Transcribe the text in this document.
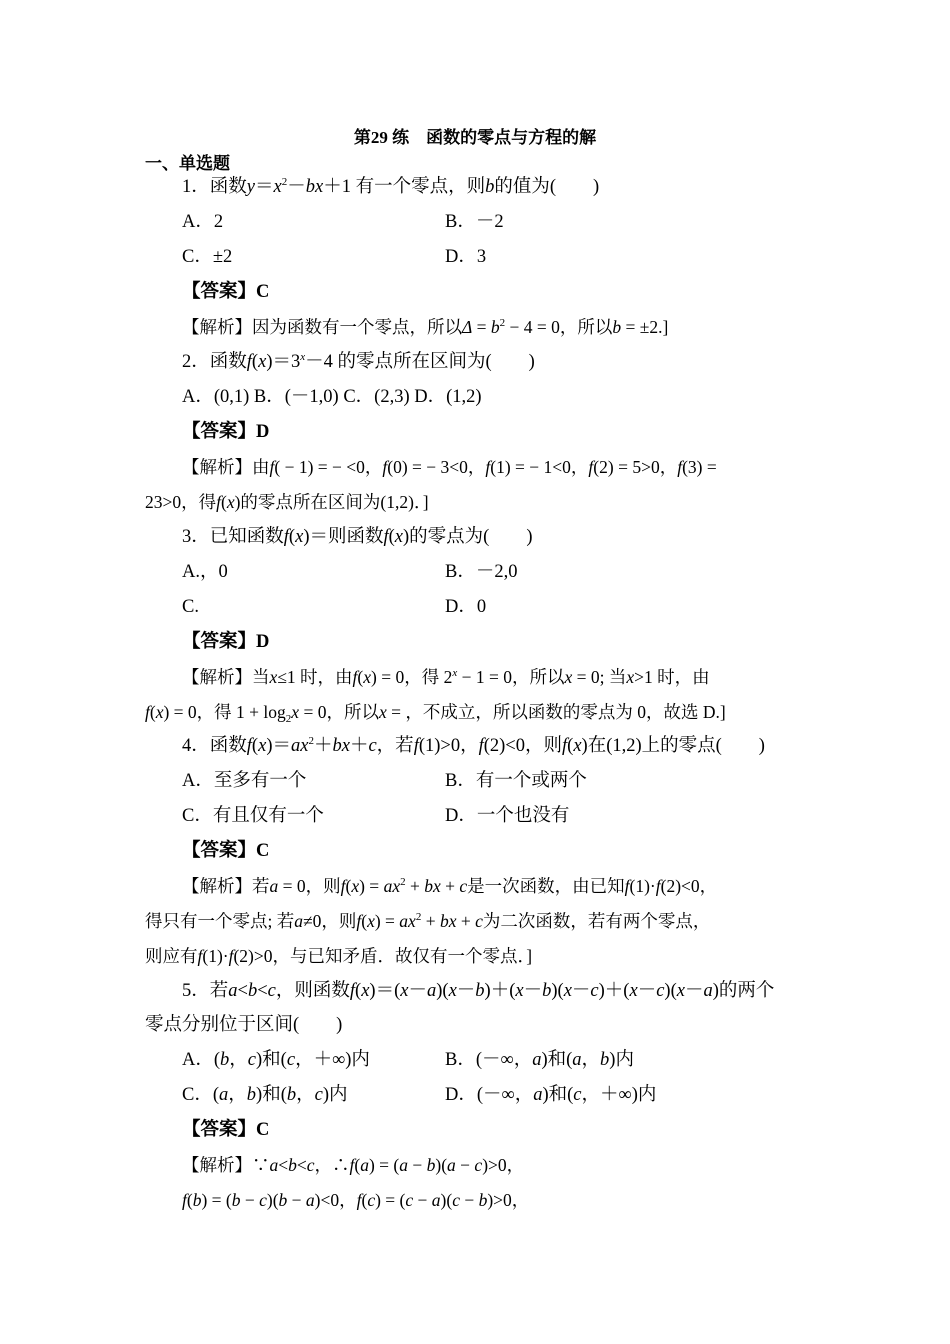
第29 练　函数的零点与方程的解
一、单选题
1．函数$y=x^2-bx+1$ 有一个零点，则b的值为(　　)
A．2	B．－2
C．±2	D．3
【答案】C
【解析】因为函数有一个零点，所以$\Delta = b^2 - 4 = 0$，所以b = ±2.]
2．函数$f(x)=3^x-4$ 的零点所在区间为(　　)
A．(0,1) B．(－1,0) C．(2,3) D．(1,2)
【答案】D
【解析】由f( − 1) = − <0，f(0) = − 3<0，f(1) = − 1<0，f(2) = 5>0，f(3) =
23>0，得f(x)的零点所在区间为(1,2)．]
3．已知函数f(x)＝则函数f(x)的零点为(　　)
A.，0	B．－2,0
C.	D．0
【答案】D
【解析】当x≤1 时，由f(x) = 0，得 $2^x - 1 = 0$，所以x = 0; 当x>1 时，由
f(x) = 0，得 $1 + \log_2x = 0$，所以x = ，不成立，所以函数的零点为 0，故选 D.]
4．函数$f(x)=ax^2+bx+c$，若f(1)>0，f(2)<0，则f(x)在(1,2)上的零点(　　)
A．至多有一个	B．有一个或两个
C．有且仅有一个	D．一个也没有
【答案】C
【解析】若a = 0，则$f(x) = ax^2$ + bx + c是一次函数，由已知f(1)·f(2)<0，
得只有一个零点; 若a≠0，则$f(x) = ax^2$ + bx + c为二次函数，若有两个零点，
则应有f(1)·f(2)>0，与已知矛盾．故仅有一个零点．]
5．若a<b<c，则函数f(x)＝(x－a)(x－b)＋(x－b)(x－c)＋(x－c)(x－a)的两个
零点分别位于区间(　　)
A．(b，c)和(c，＋∞)内	B．(－∞，a)和(a，b)内
C．(a，b)和(b，c)内	D．(－∞，a)和(c，＋∞)内
【答案】C
【解析】∵a<b<c，∴f(a) = (a − b)(a − c)>0，
f(b) = (b − c)(b − a)<0，f(c) = (c − a)(c − b)>0，
